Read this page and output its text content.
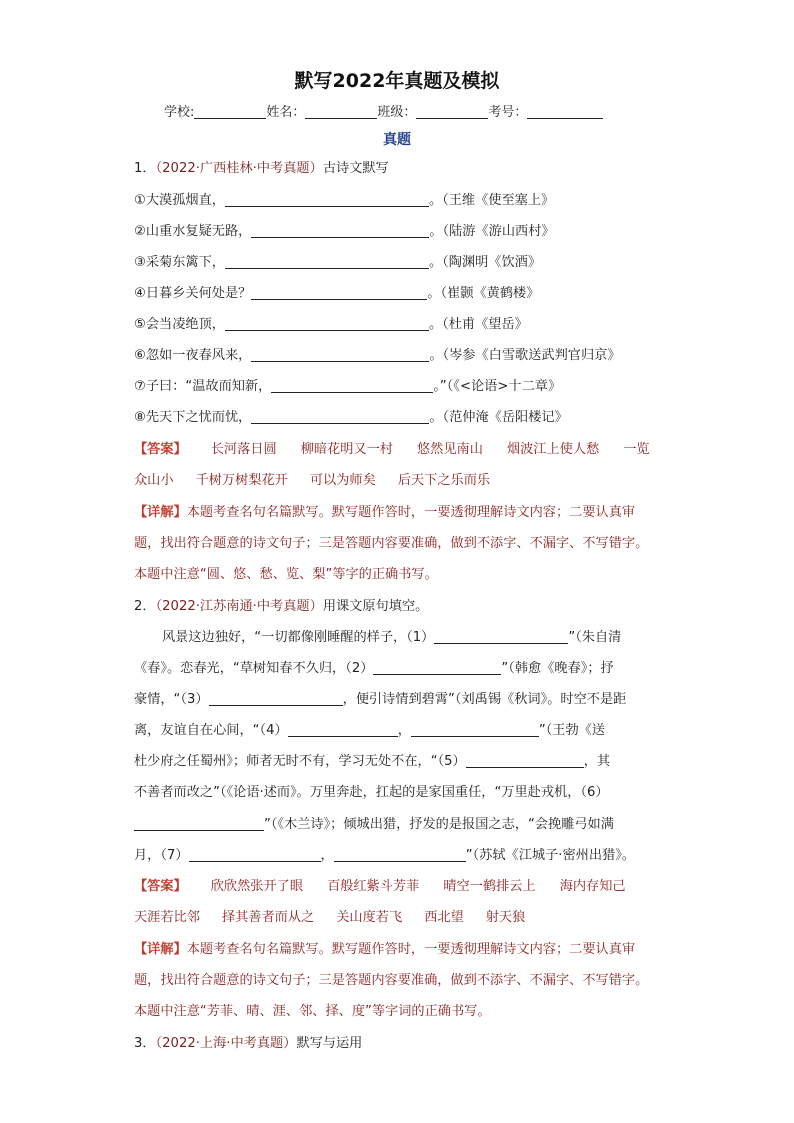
默写2022年真题及模拟
学校:	姓名：	班级：	考号：
真题
1．（2022·广西桂林·中考真题）古诗文默写
①大漠孤烟直，	。（王维《使至塞上》
②山重水复疑无路，	。（陆游《游山西村》
③采菊东篱下，	。（陶渊明《饮酒》
④日暮乡关何处是？	。（崔颢《黄鹤楼》
⑤会当凌绝顶，	。（杜甫《望岳》
⑥忽如一夜春风来，	。（岑参《白雪歌送武判官归京》
⑦子曰：“温故而知新，	。”（《<论语>十二章》
⑧先天下之忧而忧，	。（范仲淹《岳阳楼记》
【答案】 长河落日圆 柳暗花明又一村 悠然见南山 烟波江上使人愁 一览
众山小 千树万树梨花开 可以为师矣 后天下之乐而乐
【详解】本题考查名句名篇默写。默写题作答时，一要透彻理解诗文内容；二要认真审
题，找出符合题意的诗文句子；三是答题内容要准确，做到不添字、不漏字、不写错字。
本题中注意“圆、悠、愁、览、梨”等字的正确书写。
2．（2022·江苏南通·中考真题）用课文原句填空。
风景这边独好，“一切都像刚睡醒的样子，（1）	”（朱自清
《春》。恋春光，“草树知春不久归，（2）	”（韩愈《晚春》；抒
豪情，“（3）	，便引诗情到碧霄”（刘禹锡《秋词》。时空不是距
离，友谊自在心间，“（4）	，	”（王勃《送
杜少府之任蜀州》；师者无时不有，学习无处不在，“（5）	，其
不善者而改之”（《论语·述而》。万里奔赴，扛起的是家国重任，“万里赴戎机，（6）
”（《木兰诗》；倾城出猎，抒发的是报国之志，“会挽雕弓如满
月，（7）	，	”（苏轼《江城子·密州出猎》。
【答案】 欣欣然张开了眼 百般红紫斗芳菲 晴空一鹤排云上 海内存知己
天涯若比邻 择其善者而从之 关山度若飞 西北望 射天狼
【详解】本题考查名句名篇默写。默写题作答时，一要透彻理解诗文内容；二要认真审
题，找出符合题意的诗文句子；三是答题内容要准确，做到不添字、不漏字、不写错字。
本题中注意“芳菲、晴、涯、邻、择、度”等字词的正确书写。
3．（2022·上海·中考真题）默写与运用
